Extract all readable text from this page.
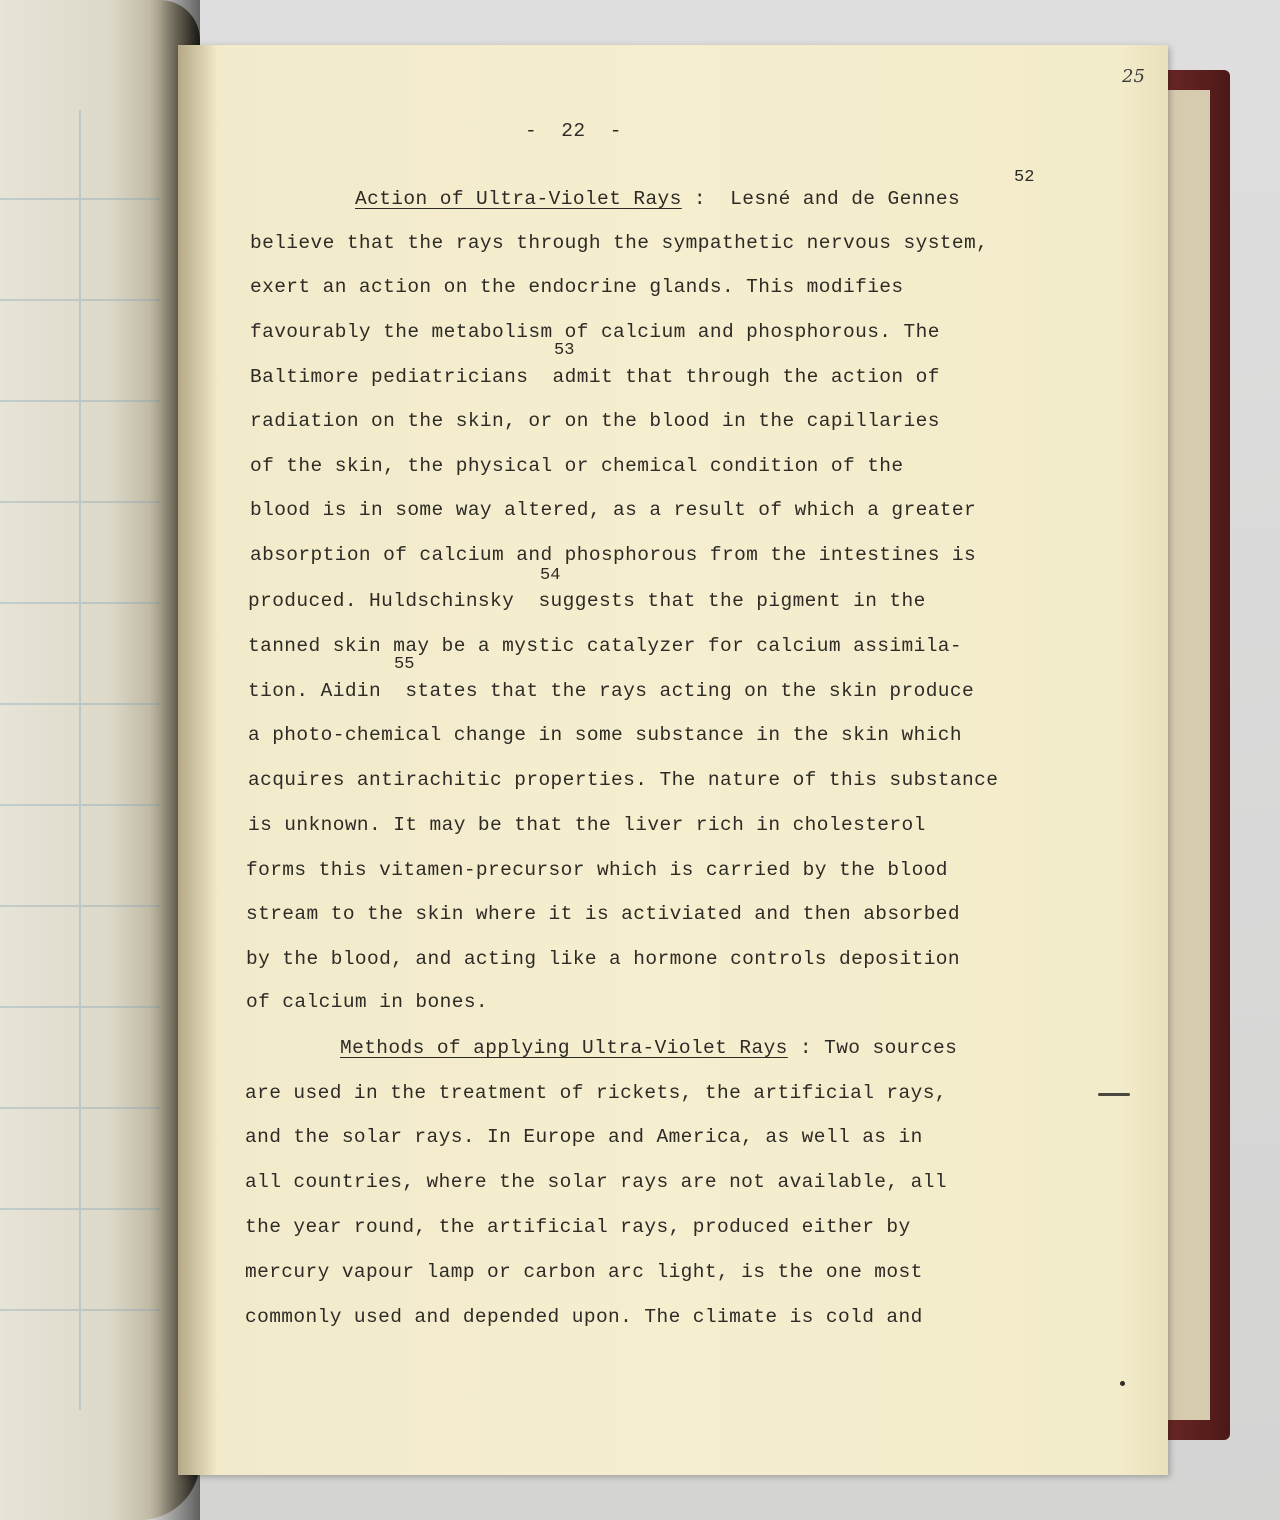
25
-  22  -
52
Action of Ultra-Violet Rays :  Lesné and de Gennes
believe that the rays through the sympathetic nervous system,
exert an action on the endocrine glands. This modifies
favourably the metabolism of calcium and phosphorous. The
53
Baltimore pediatricians  admit that through the action of
radiation on the skin, or on the blood in the capillaries
of the skin, the physical or chemical condition of the
blood is in some way altered, as a result of which a greater
absorption of calcium and phosphorous from the intestines is
54
produced. Huldschinsky  suggests that the pigment in the
tanned skin may be a mystic catalyzer for calcium assimila-
55
tion. Aidin  states that the rays acting on the skin produce
a photo-chemical change in some substance in the skin which
acquires antirachitic properties. The nature of this substance
is unknown. It may be that the liver rich in cholesterol
forms this vitamen-precursor which is carried by the blood
stream to the skin where it is activiated and then absorbed
by the blood, and acting like a hormone controls deposition
of calcium in bones.
Methods of applying Ultra-Violet Rays : Two sources
are used in the treatment of rickets, the artificial rays,
and the solar rays. In Europe and America, as well as in
all countries, where the solar rays are not available, all
the year round, the artificial rays, produced either by
mercury vapour lamp or carbon arc light, is the one most
commonly used and depended upon. The climate is cold and
